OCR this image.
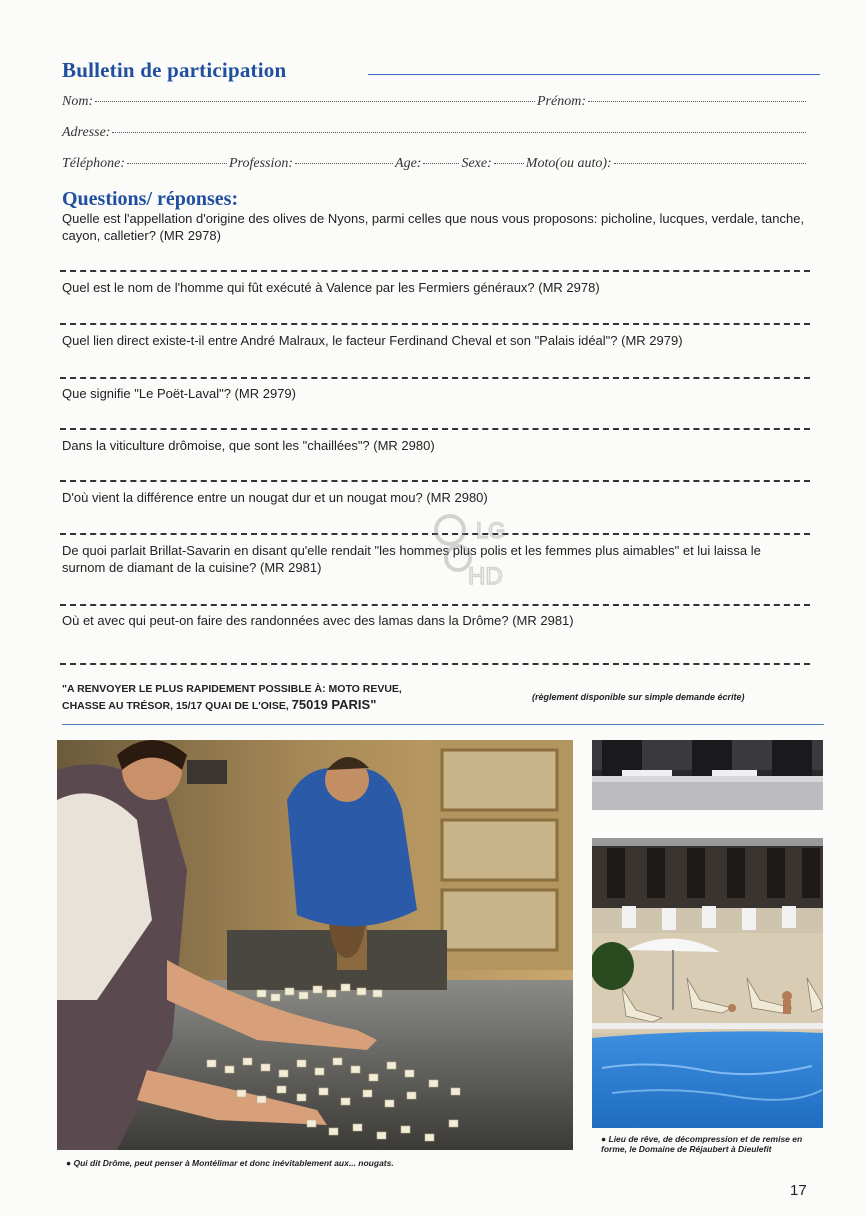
Bulletin de participation
Nom:	Prénom:
Adresse:
Téléphone:	Profession:	Age:	Sexe: Moto(ou auto):
Questions/ réponses:
Quelle est l'appellation d'origine des olives de Nyons, parmi celles que nous vous proposons: picholine, lucques, verdale, tanche, cayon, calletier? (MR 2978)
Quel est le nom de l'homme qui fût exécuté à Valence par les Fermiers généraux? (MR 2978)
Quel lien direct existe-t-il entre André Malraux, le facteur Ferdinand Cheval et son "Palais idéal"? (MR 2979)
Que signifie "Le Poët-Laval"? (MR 2979)
Dans la viticulture drômoise, que sont les "chaillées"? (MR 2980)
D'où vient la différence entre un nougat dur et un nougat mou? (MR 2980)
De quoi parlait Brillat-Savarin en disant qu'elle rendait "les hommes plus polis et les femmes plus aimables" et lui laissa le surnom de diamant de la cuisine? (MR 2981)
Où et avec qui peut-on faire des randonnées avec des lamas dans la Drôme? (MR 2981)
"A RENVOYER LE PLUS RAPIDEMENT POSSIBLE À: MOTO REVUE,
CHASSE AU TRÉSOR, 15/17 QUAI DE L'OISE, 75019 PARIS"	(règlement disponible sur simple demande écrite)
LG
HD
● Qui dit Drôme, peut penser à Montélimar et donc inévitablement aux... nougats.
● Lieu de rêve, de décompression et de remise en forme, le Domaine de Réjaubert à Dieulefit
17
